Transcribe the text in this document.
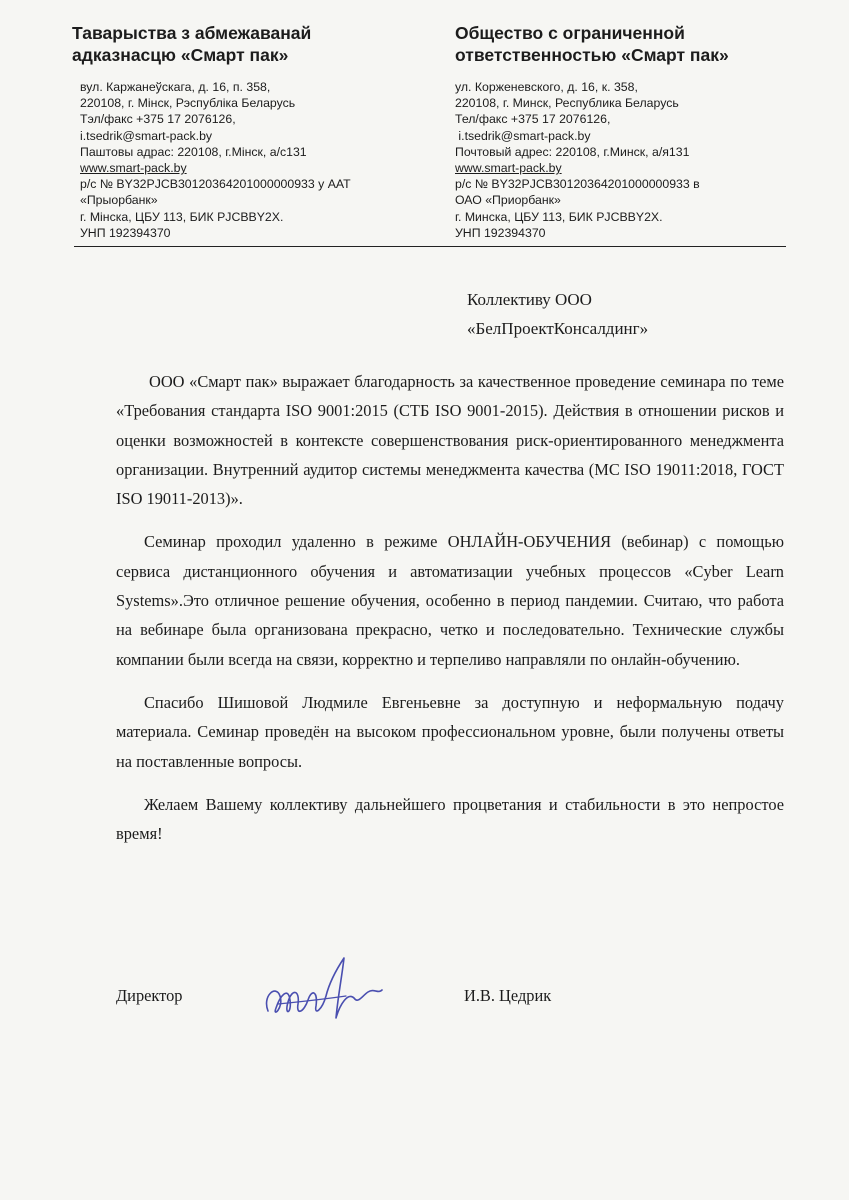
Таварыства з абмежаванай
адказнасцю «Смарт пак»
вул. Каржанеўскага, д. 16, п. 358,
220108, г. Мінск, Рэспубліка Беларусь
Тэл/факс +375 17 2076126,
i.tsedrik@smart-pack.by
Паштовы адрас: 220108, г.Мінск, а/с131
www.smart-pack.by
р/с № BY32PJCB30120364201000000933 у ААТ
«Прыорбанк»
г. Мінска, ЦБУ 113, БИК PJCBBY2X.
УНП 192394370
Общество с ограниченной
ответственностью «Смарт пак»
ул. Корженевского, д. 16, к. 358,
220108, г. Минск, Республика Беларусь
Тел/факс +375 17 2076126,
i.tsedrik@smart-pack.by
Почтовый адрес: 220108, г.Минск, а/я131
www.smart-pack.by
р/с № BY32PJCB30120364201000000933 в
ОАО «Приорбанк»
г. Минска, ЦБУ 113, БИК PJCBBY2X.
УНП 192394370
Коллективу ООО
«БелПроектКонсалдинг»

ООО «Смарт пак» выражает благодарность за качественное проведение семинара по теме «Требования стандарта ISO 9001:2015 (СТБ ISO 9001-2015). Действия в отношении рисков и оценки возможностей в контексте совершенствования риск-ориентированного менеджмента организации. Внутренний аудитор системы менеджмента качества (МС ISO 19011:2018, ГОСТ ISO 19011-2013)».

Семинар проходил удаленно в режиме ОНЛАЙН-ОБУЧЕНИЯ (вебинар) с помощью сервиса дистанционного обучения и автоматизации учебных процессов «Cyber Learn Systems».Это отличное решение обучения, особенно в период пандемии. Считаю, что работа на вебинаре была организована прекрасно, четко и последовательно. Технические службы компании были всегда на связи, корректно и терпеливо направляли по онлайн-обучению.

Спасибо Шишовой Людмиле Евгеньевне за доступную и неформальную подачу материала. Семинар проведён на высоком профессиональном уровне, были получены ответы на поставленные вопросы.

Желаем Вашему коллективу дальнейшего процветания и стабильности в это непростое время!

Директор	И.В. Цедрик
